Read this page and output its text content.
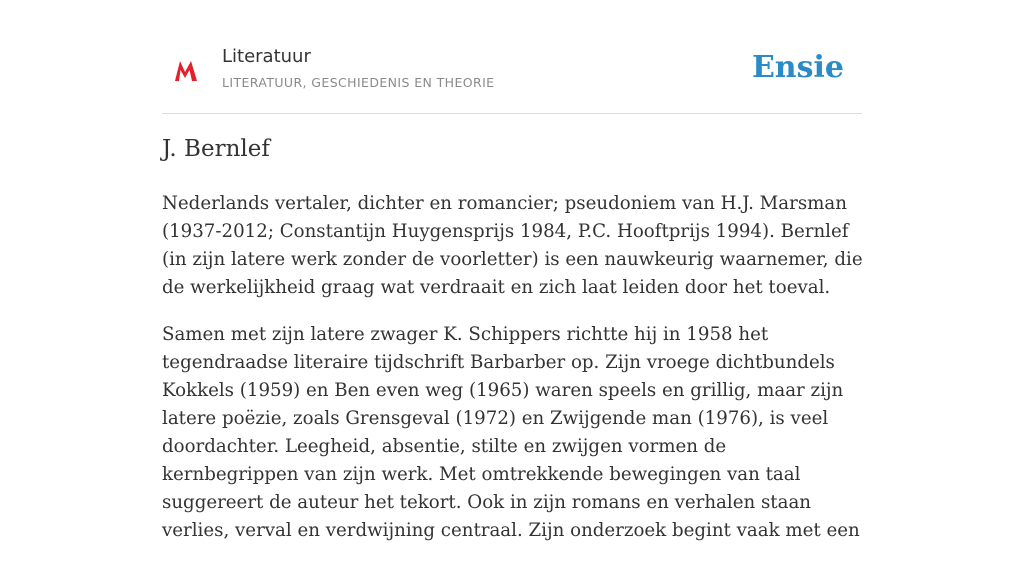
Literatuur
LITERATUUR, GESCHIEDENIS EN THEORIE	Ensie
J. Bernlef

Nederlands vertaler, dichter en romancier; pseudoniem van H.J. Marsman (1937-2012; Constantijn Huygensprijs 1984, P.C. Hooftprijs 1994). Bernlef (in zijn latere werk zonder de voorletter) is een nauwkeurig waarnemer, die de werkelijkheid graag wat verdraait en zich laat leiden door het toeval.

Samen met zijn latere zwager K. Schippers richtte hij in 1958 het tegendraadse literaire tijdschrift Barbarber op. Zijn vroege dichtbundels Kokkels (1959) en Ben even weg (1965) waren speels en grillig, maar zijn latere poëzie, zoals Grensgeval (1972) en Zwijgende man (1976), is veel doordachter. Leegheid, absentie, stilte en zwijgen vormen de kernbegrippen van zijn werk. Met omtrekkende bewegingen van taal suggereert de auteur het tekort. Ook in zijn romans en verhalen staan verlies, verval en verdwijning centraal. Zijn onderzoek begint vaak met een
